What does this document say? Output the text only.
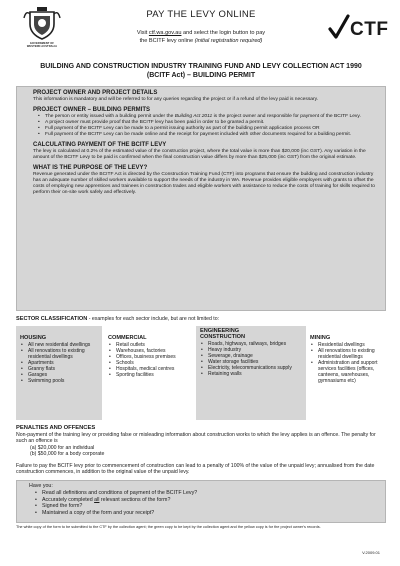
GOVERNMENT OF
WESTERN AUSTRALIA
PAY THE LEVY ONLINE
Visit ctf.wa.gov.au and select the login button to pay
the BCITF levy online (initial registration required)
CTF
BUILDING AND CONSTRUCTION INDUSTRY TRAINING FUND AND LEVY COLLECTION ACT 1990
(BCITF Act) – BUILDING PERMIT
PROJECT OWNER AND PROJECT DETAILS
This information is mandatory and will be referred to for any queries regarding the project or if a refund of the levy paid is necessary.
PROJECT OWNER – BUILDING PERMITS
• The person or entity issued with a building permit under the Building Act 2011 is the project owner and responsible for payment of the BCITF Levy.
• A project owner must provide proof that the BCITF levy has been paid in order to be granted a permit.
• Full payment of the BCITF Levy can be made to a permit issuing authority as part of the building permit application process OR
• Full payment of the BCITF Levy can be made online and the receipt for payment included with other documents required for a building permit.
CALCULATING PAYMENT OF THE BCITF LEVY
The levy is calculated at 0.2% of the estimated value of the construction project, where the total value is more than $20,000 (inc GST). Any variation in the amount of the BCITF Levy to be paid is confirmed when the final construction value differs by more than $25,000 (inc GST) from the original estimate.
WHAT IS THE PURPOSE OF THE LEVY?
Revenue generated under the BCITF Act is directed by the Construction Training Fund (CTF) into programs that ensure the building and construction industry has an adequate number of skilled workers available to support the needs of the industry in WA. Revenue provides eligible employers with grants to offset the costs of employing new apprentices and trainees in construction trades and eligible workers with assistance to reduce the costs of training for skills required to perform their on-site work safely and effectively.
SECTOR CLASSIFICATION - examples for each sector include, but are not limited to:
HOUSING
• All new residential dwellings
• All renovations to existing residential dwellings
• Apartments
• Granny flats
• Garages
• Swimming pools
COMMERCIAL
• Retail outlets
• Warehouses, factories
• Offices, business premises
• Schools
• Hospitals, medical centres
• Sporting facilities
ENGINEERING
CONSTRUCTION
• Roads, highways, railways, bridges
• Heavy industry
• Sewerage, drainage
• Water storage facilities
• Electricity, telecommunications supply
• Retaining walls
MINING
• Residential dwellings
• All renovations to existing residential dwellings
• Administration and support services facilities (offices, canteens, warehouses, gymnasiums etc)
PENALTIES AND OFFENCES
Non-payment of the training levy or providing false or misleading information about construction works to which the levy applies is an offence. The penalty for such an offence is
(a) $20,000 for an individual
(b) $50,000 for a body corporate
Failure to pay the BCITF levy prior to commencement of construction can lead to a penalty of 100% of the value of the unpaid levy; annualised from the date construction commences, in addition to the original value of the unpaid levy.
Have you:
• Read all definitions and conditions of payment of the BCITF Levy?
• Accurately completed all relevant sections of the form?
• Signed the form?
• Maintained a copy of the form and your receipt?
The white copy of the form to be submitted to the CTF by the collection agent; the green copy to be kept by the collection agent and the yellow copy is for the project owner's records.
V.2009.01
